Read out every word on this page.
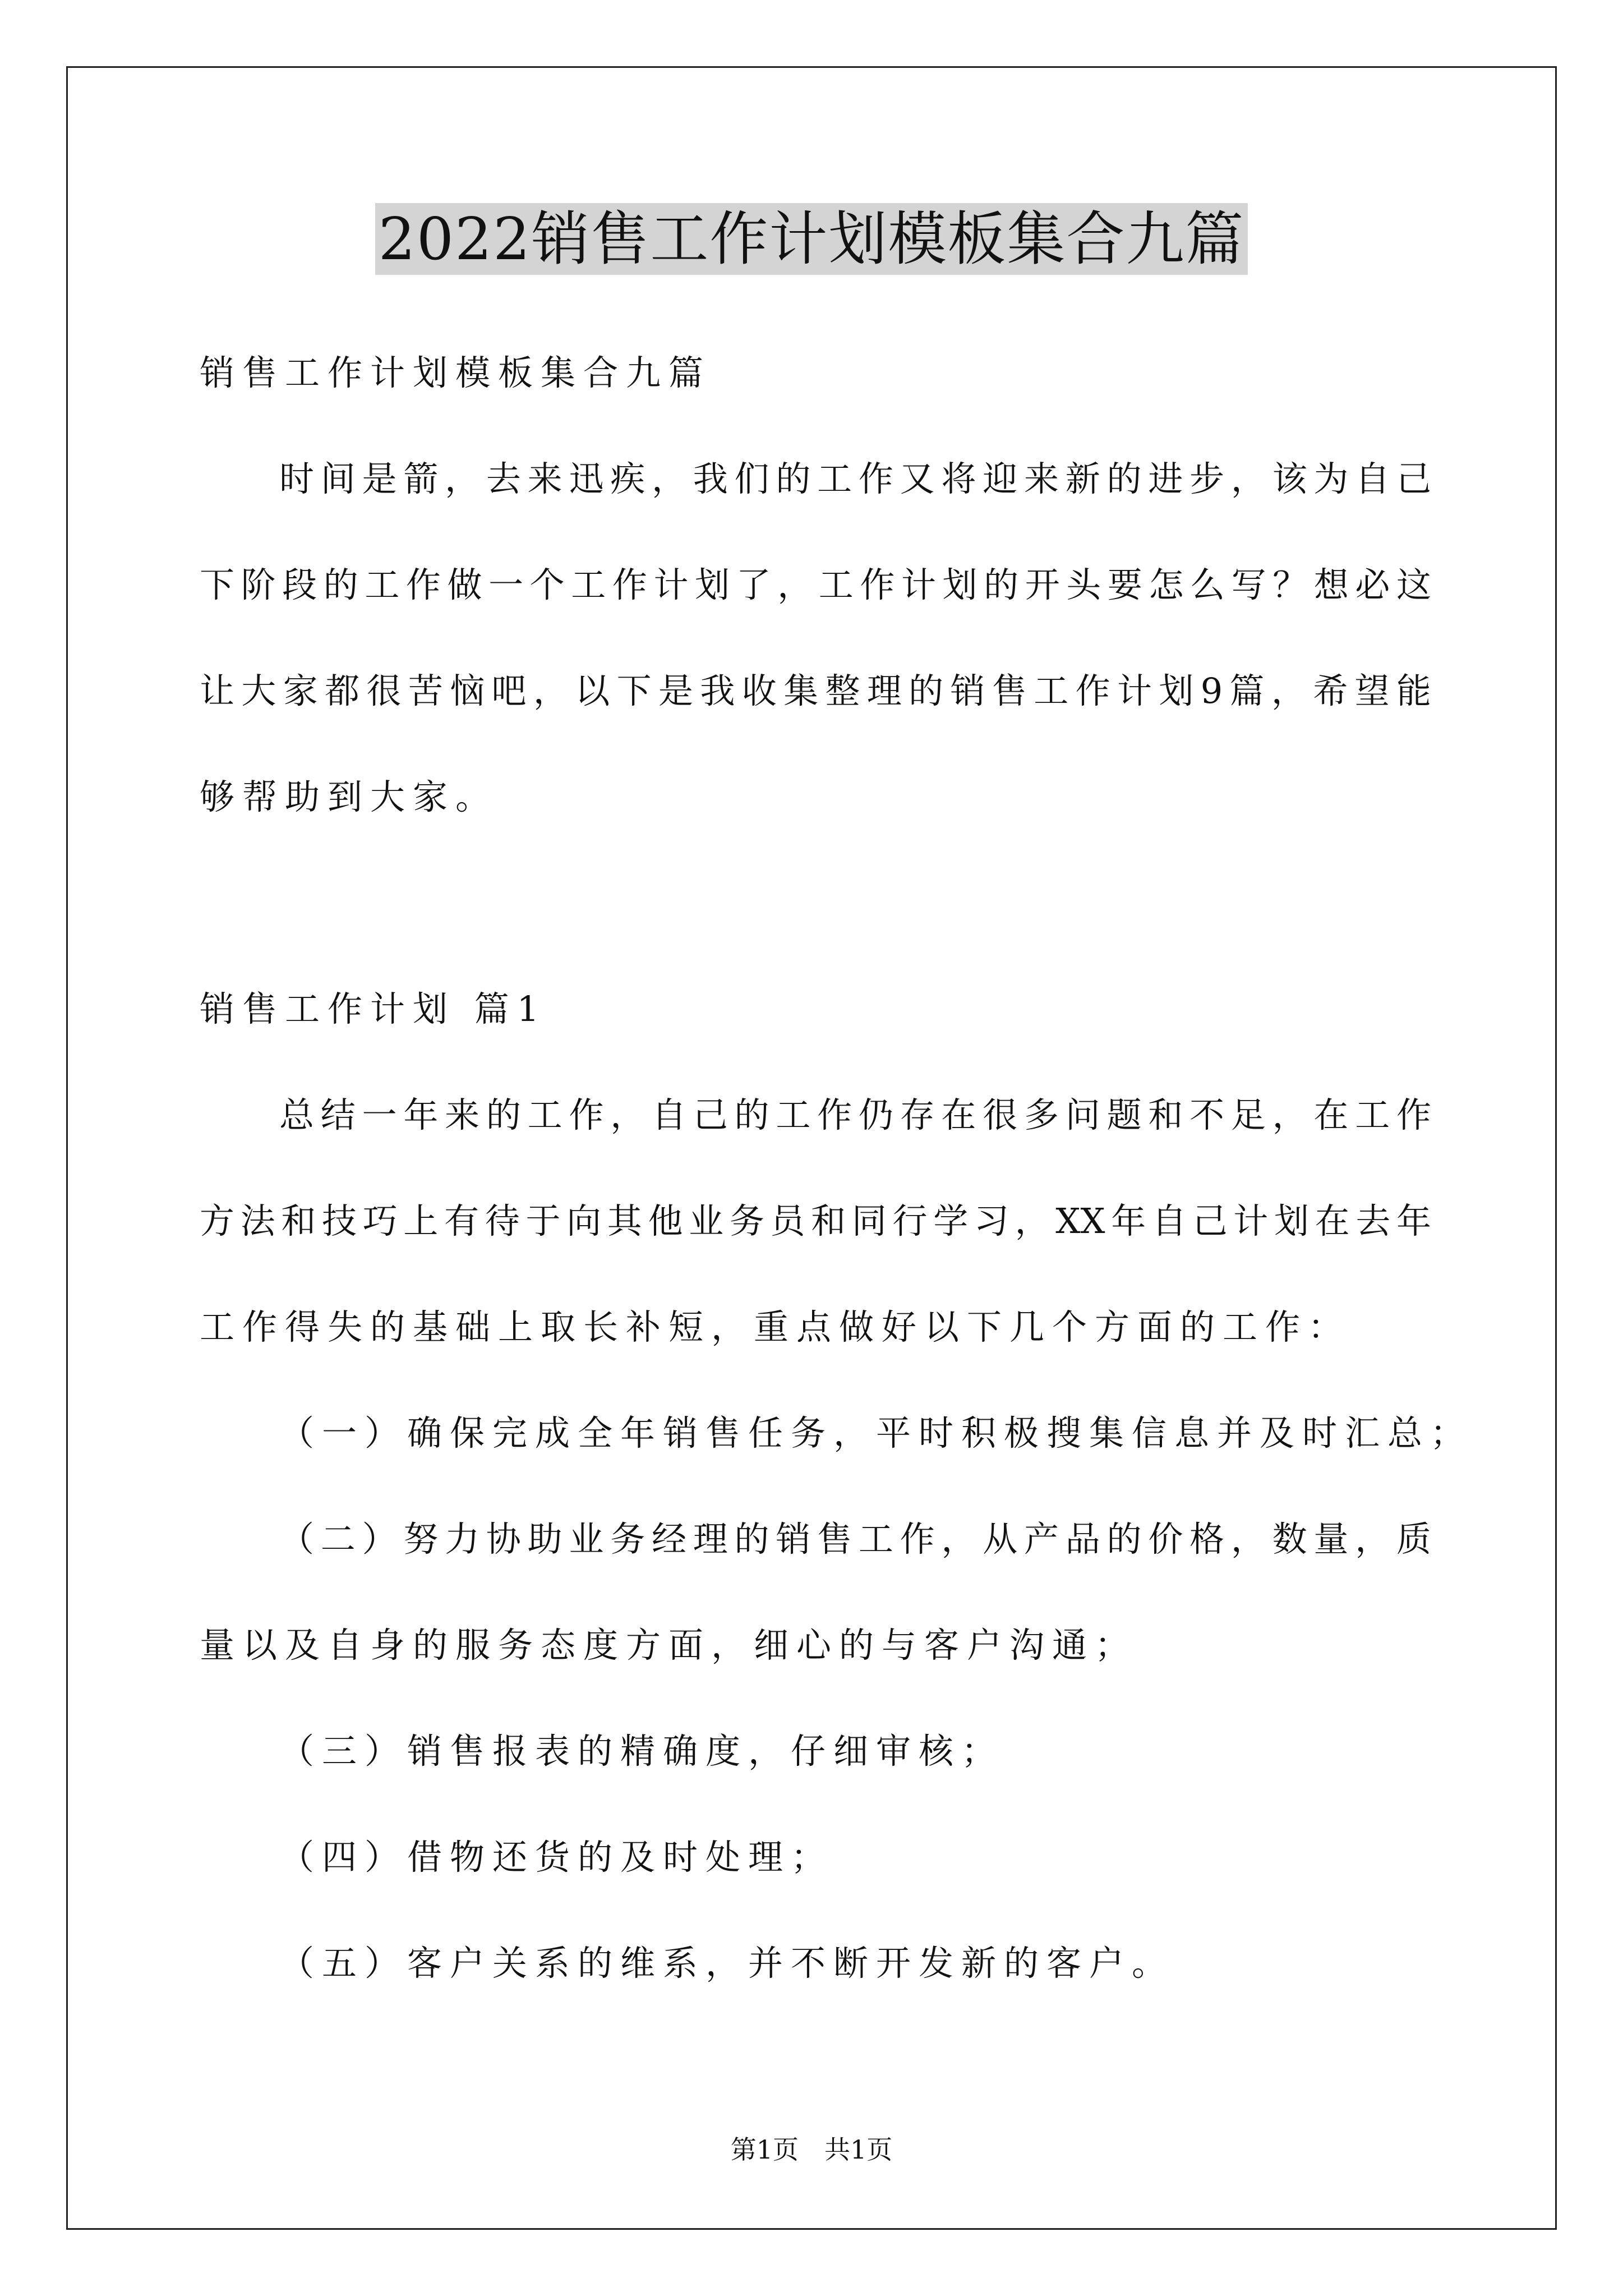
2022销售工作计划模板集合九篇
销售工作计划模板集合九篇
时间是箭，去来迅疾，我们的工作又将迎来新的进步，该为自己
下阶段的工作做一个工作计划了，工作计划的开头要怎么写？想必这
让大家都很苦恼吧，以下是我收集整理的销售工作计划9篇，希望能
够帮助到大家。
销售工作计划 篇1
总结一年来的工作，自己的工作仍存在很多问题和不足，在工作
方法和技巧上有待于向其他业务员和同行学习，XX年自己计划在去年
工作得失的基础上取长补短，重点做好以下几个方面的工作：
（一）确保完成全年销售任务，平时积极搜集信息并及时汇总；
（二）努力协助业务经理的销售工作，从产品的价格，数量，质
量以及自身的服务态度方面，细心的与客户沟通；
（三）销售报表的精确度，仔细审核；
（四）借物还货的及时处理；
（五）客户关系的维系，并不断开发新的客户。
第1页　共1页
